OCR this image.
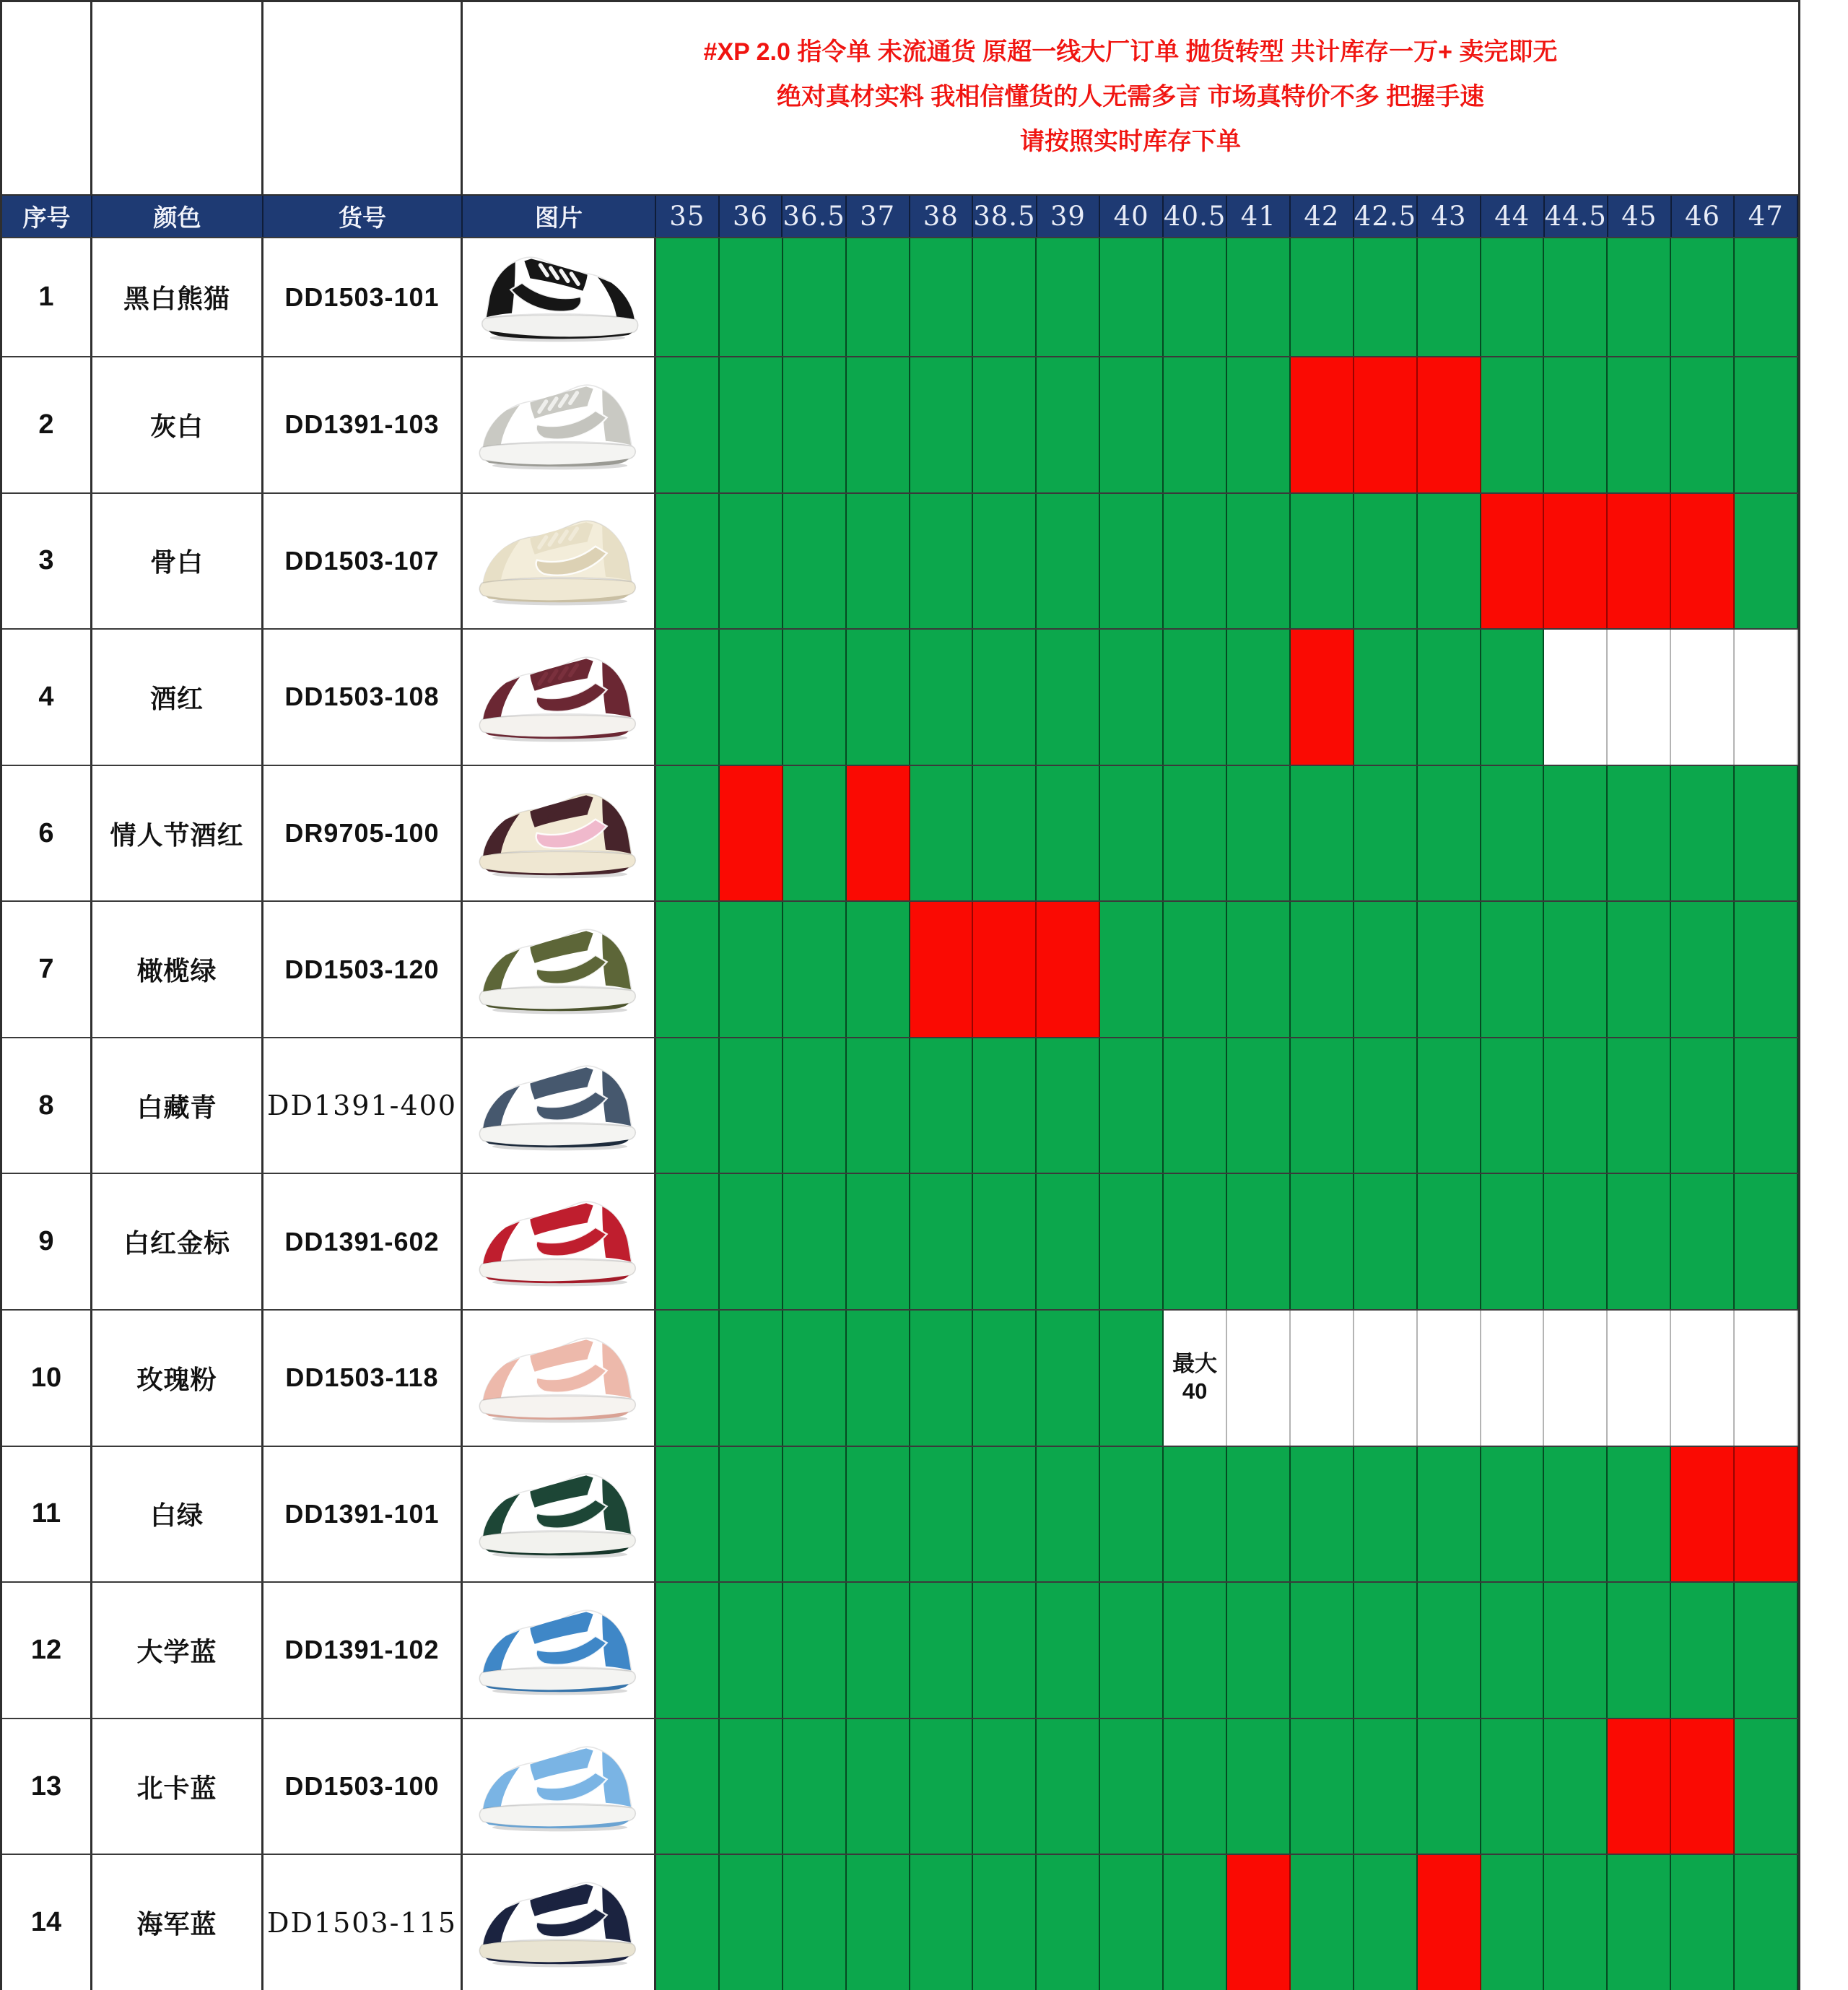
#XP 2.0 指令单 未流通货 原超一线大厂订单 抛货转型 共计库存一万+ 卖完即无
绝对真材实料 我相信懂货的人无需多言 市场真特价不多 把握手速
请按照实时库存下单
序号	颜色	货号	图片	35	36 36.5 37	38 38.5 39	40 40.5 41	42 42.5 43	44 44.5 45	46	47
1	黑白熊猫 DD1503-101
2	灰白	DD1391-103
3	骨白	DD1503-107
4	酒红	DD1503-108
6 情人节酒红 DR9705-100
7	橄榄绿	DD1503-120
8	白藏青 DD1391-400
9	白红金标 DD1391-602
10	玫瑰粉	DD1503-118	最大
40
11	白绿	DD1391-101
12	大学蓝	DD1391-102
13	北卡蓝	DD1503-100
14	海军蓝 DD1503-115
